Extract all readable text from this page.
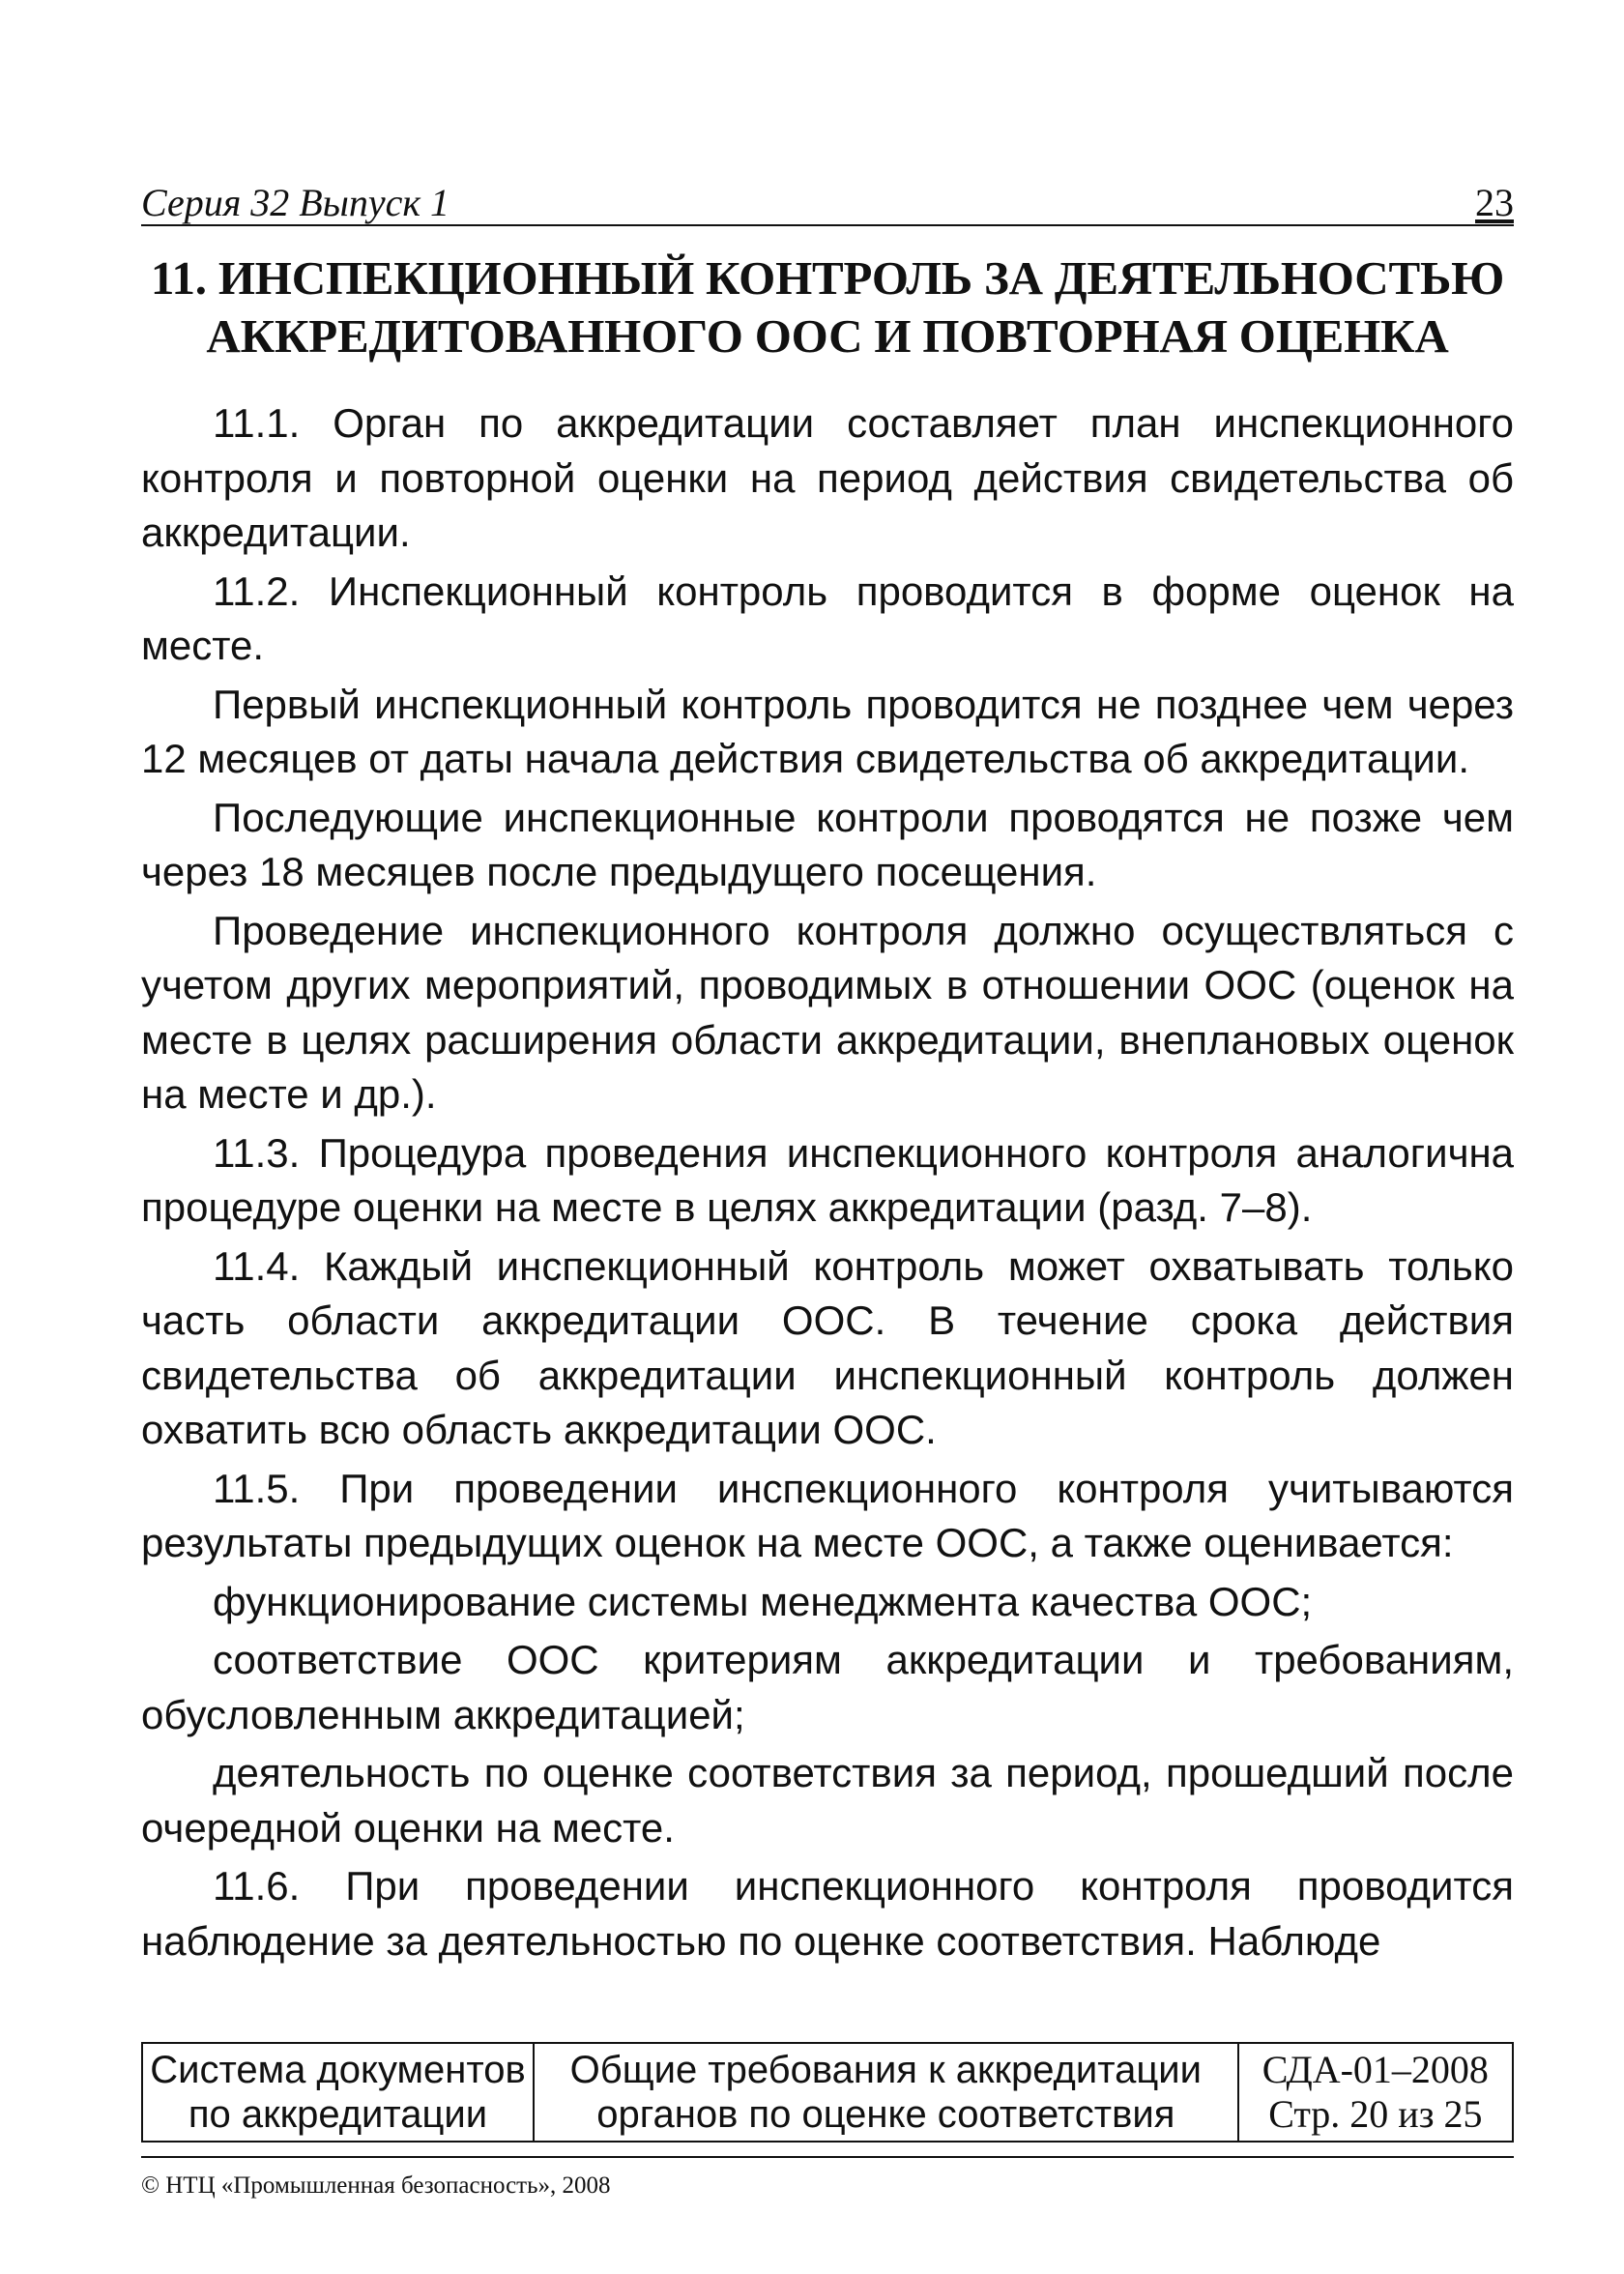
Серия 32 Выпуск 1	23
11. ИНСПЕКЦИОННЫЙ КОНТРОЛЬ ЗА ДЕЯТЕЛЬНОСТЬЮ
АККРЕДИТОВАННОГО ООС И ПОВТОРНАЯ ОЦЕНКА

11.1. Орган по аккредитации составляет план инспекционного контроля и повторной оценки на период действия свидетельства об аккредитации.

11.2. Инспекционный контроль проводится в форме оценок на месте.

Первый инспекционный контроль проводится не позднее чем через 12 месяцев от даты начала действия свидетельства об аккредитации.

Последующие инспекционные контроли проводятся не позже чем через 18 месяцев после предыдущего посещения.

Проведение инспекционного контроля должно осуществляться с учетом других мероприятий, проводимых в отношении ООС (оценок на месте в целях расширения области аккредитации, внеплановых оценок на месте и др.).

11.3. Процедура проведения инспекционного контроля аналогична процедуре оценки на месте в целях аккредитации (разд. 7–8).

11.4. Каждый инспекционный контроль может охватывать только часть области аккредитации ООС. В течение срока действия свидетельства об аккредитации инспекционный контроль должен охватить всю область аккредитации ООС.

11.5. При проведении инспекционного контроля учитываются результаты предыдущих оценок на месте ООС, а также оценивается:

функционирование системы менеджмента качества ООС;

соответствие ООС критериям аккредитации и требованиям, обусловленным аккредитацией;

деятельность по оценке соответствия за период, прошедший после очередной оценки на месте.

11.6. При проведении инспекционного контроля проводится наблюдение за деятельностью по оценке соответствия. Наблюде

Система документов
по аккредитации

Общие требования к аккредитации
органов по оценке соответствия

СДА-01–2008
Стр. 20 из 25
© НТЦ «Промышленная безопасность», 2008
